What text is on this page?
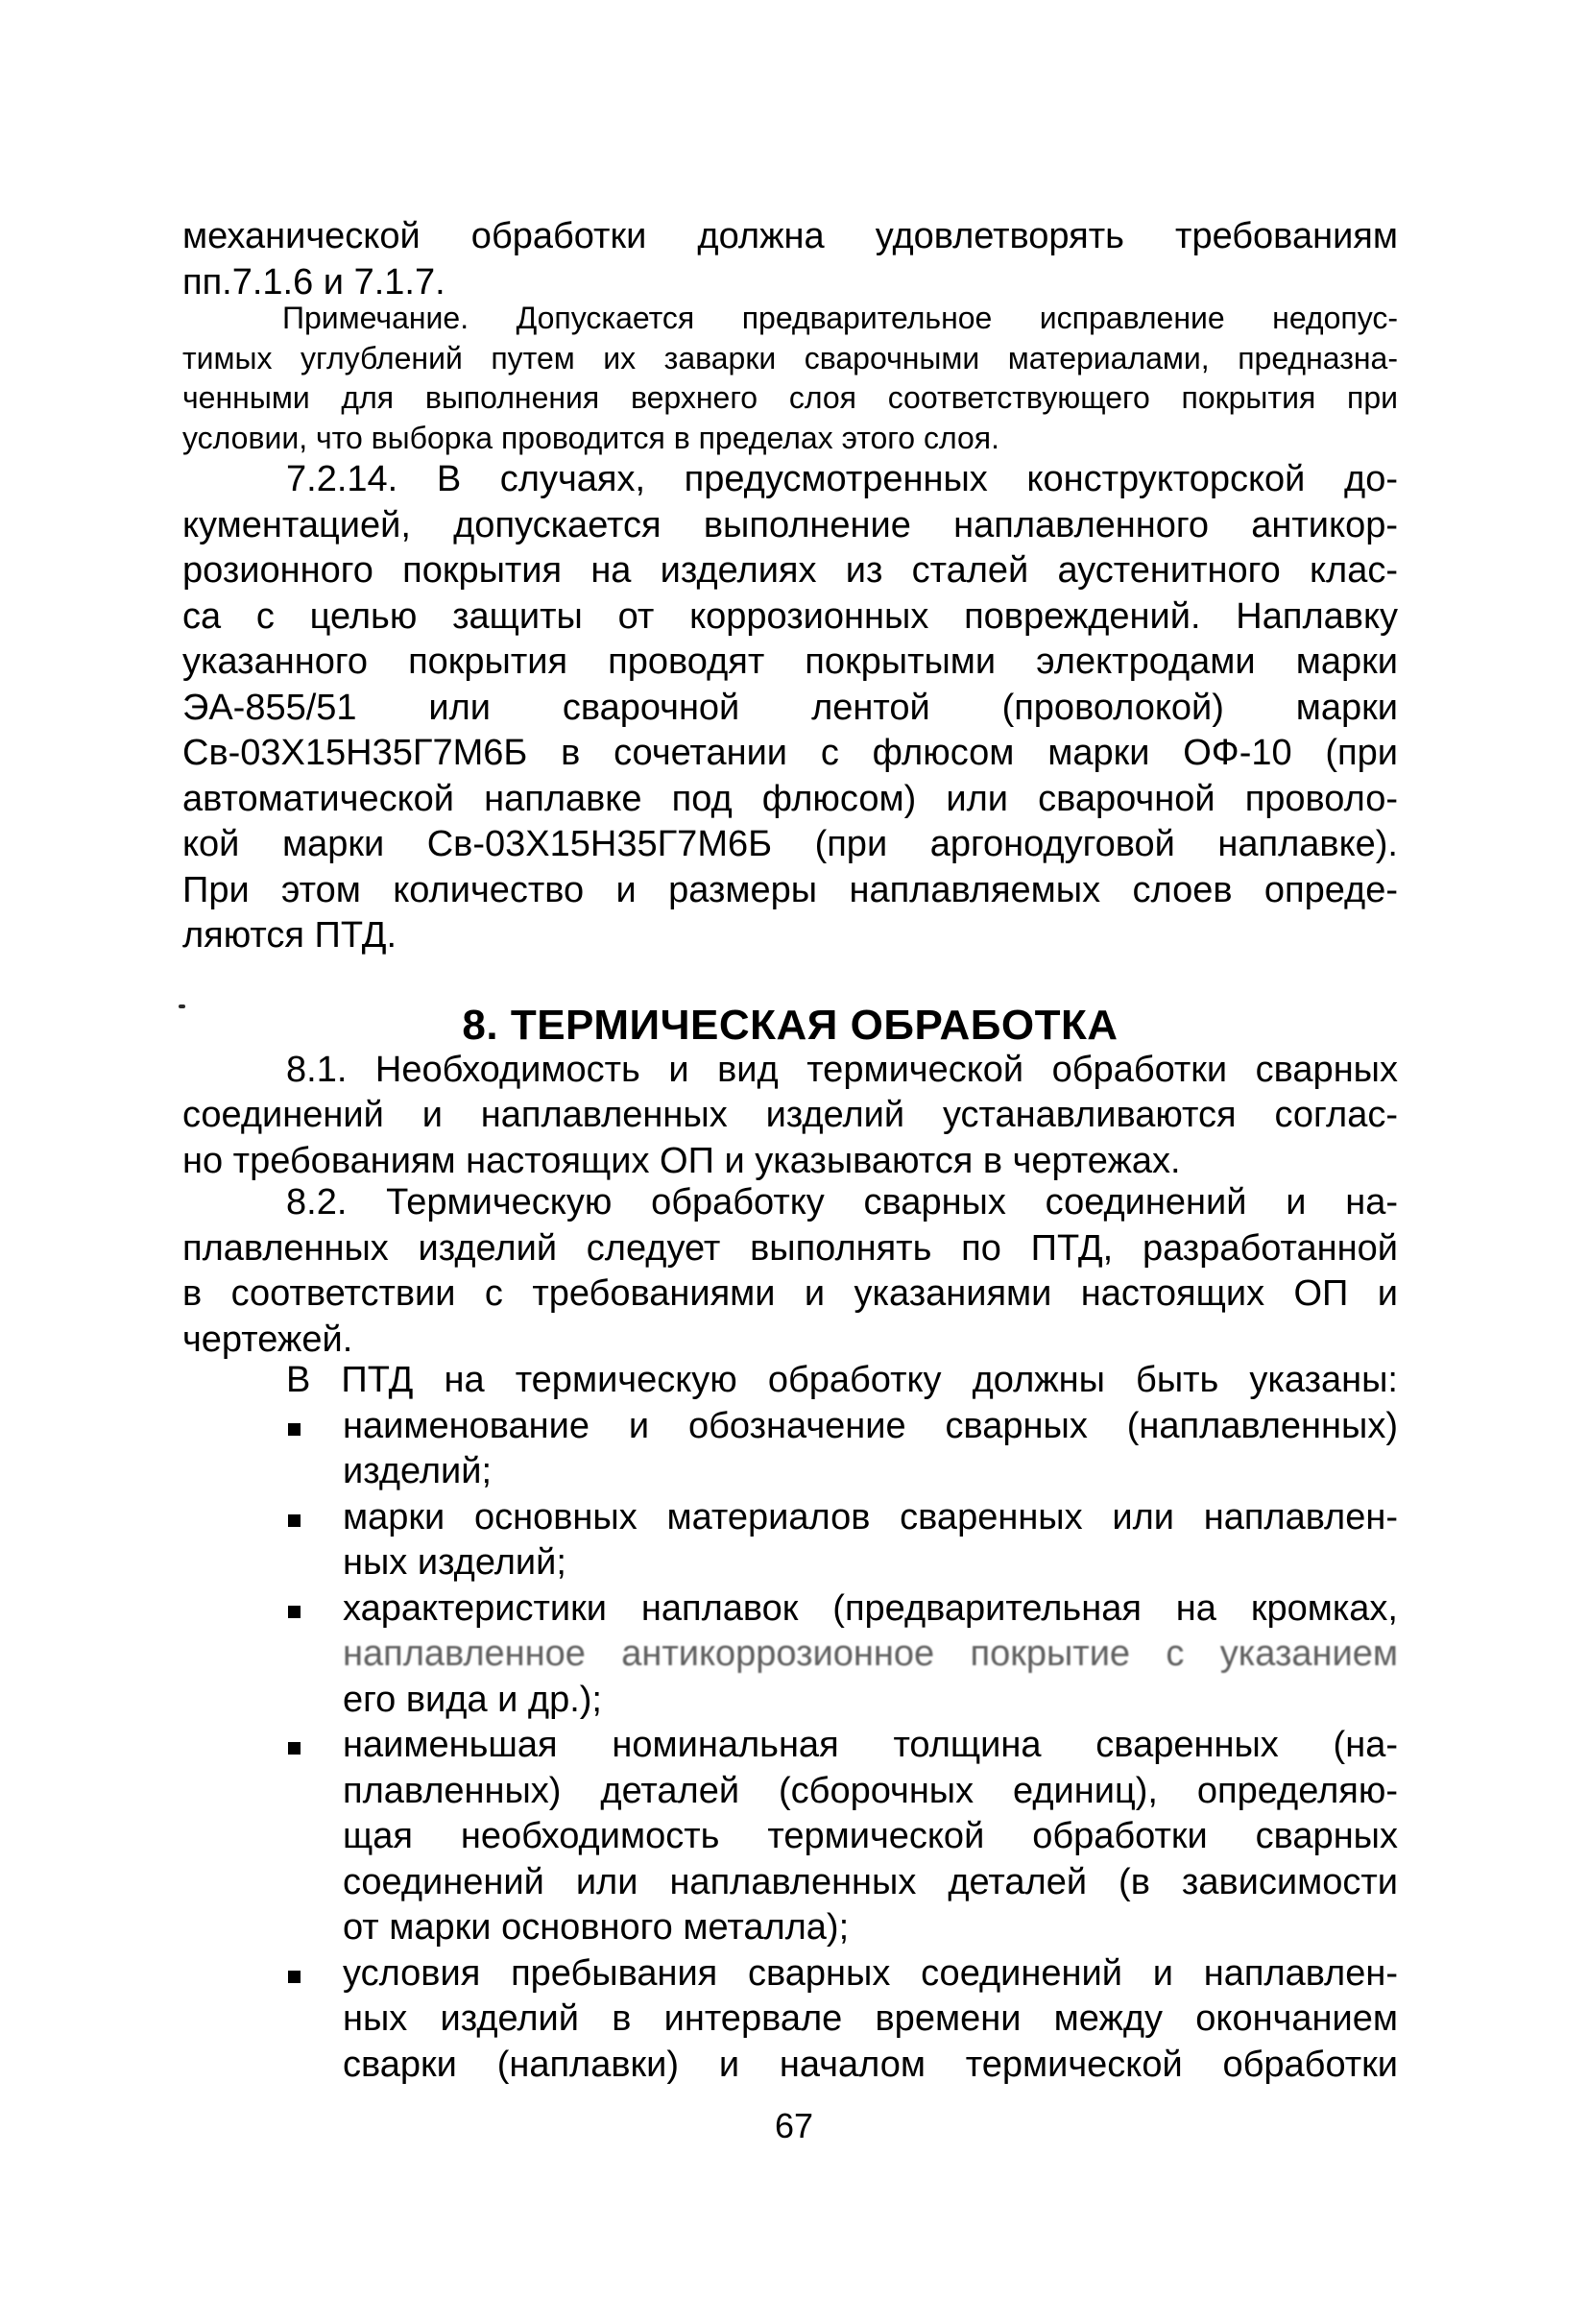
механической обработки должна удовлетворять требованиям
пп.7.1.6 и 7.1.7.
Примечание. Допускается предварительное исправление недопус-
тимых углублений путем их заварки сварочными материалами, предназна-
ченными для выполнения верхнего слоя соответствующего покрытия при
условии, что выборка проводится в пределах этого слоя.
7.2.14. В случаях, предусмотренных конструкторской до-
кументацией, допускается выполнение наплавленного антикор-
розионного покрытия на изделиях из сталей аустенитного клас-
са с целью защиты от коррозионных повреждений. Наплавку
указанного покрытия проводят покрытыми электродами марки
ЭА-855/51 или сварочной лентой (проволокой) марки
Св-03Х15Н35Г7М6Б в сочетании с флюсом марки ОФ-10 (при
автоматической наплавке под флюсом) или сварочной проволо-
кой марки Св-03Х15Н35Г7М6Б (при аргонодуговой наплавке).
При этом количество и размеры наплавляемых слоев опреде-
ляются ПТД.
8. ТЕРМИЧЕСКАЯ ОБРАБОТКА
8.1. Необходимость и вид термической обработки сварных
соединений и наплавленных изделий устанавливаются соглас-
но требованиям настоящих ОП и указываются в чертежах.
8.2. Термическую обработку сварных соединений и на-
плавленных изделий следует выполнять по ПТД, разработанной
в соответствии с требованиями и указаниями настоящих ОП и
чертежей.
В ПТД на термическую обработку должны быть указаны:
наименование и обозначение сварных (наплавленных)
изделий;
марки основных материалов сваренных или наплавлен-
ных изделий;
характеристики наплавок (предварительная на кромках,
наплавленное антикоррозионное покрытие с указанием
его вида и др.);
наименьшая номинальная толщина сваренных (на-
плавленных) деталей (сборочных единиц), определяю-
щая необходимость термической обработки сварных
соединений или наплавленных деталей (в зависимости
от марки основного металла);
условия пребывания сварных соединений и наплавлен-
ных изделий в интервале времени между окончанием
сварки (наплавки) и началом термической обработки
67
